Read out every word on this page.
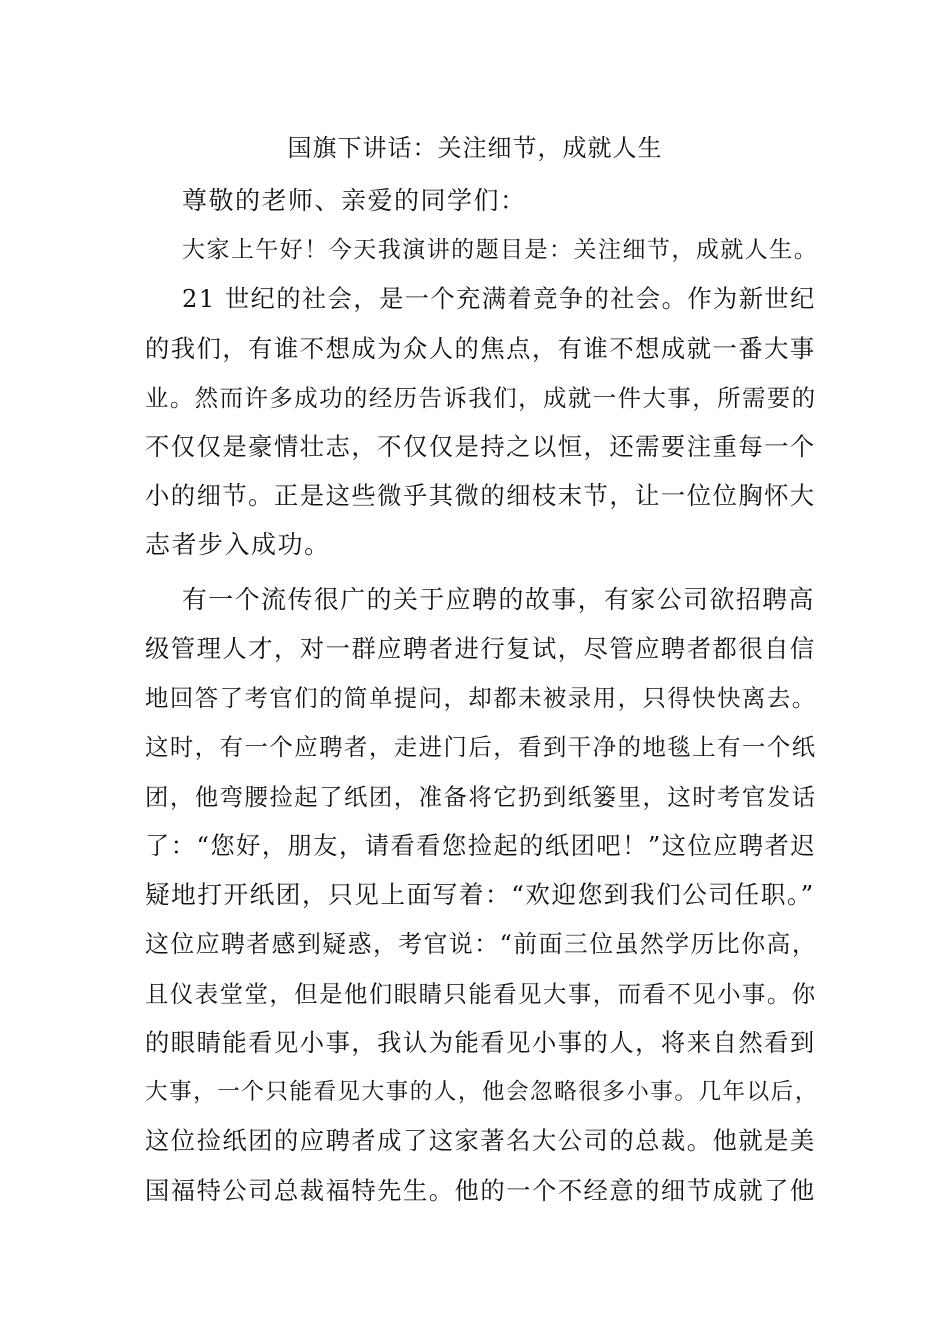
国旗下讲话：关注细节，成就人生
尊敬的老师、亲爱的同学们：
大家上午好！今天我演讲的题目是：关注细节，成就人生。
21 世纪的社会，是一个充满着竞争的社会。作为新世纪
的我们，有谁不想成为众人的焦点，有谁不想成就一番大事
业。然而许多成功的经历告诉我们，成就一件大事，所需要的
不仅仅是豪情壮志，不仅仅是持之以恒，还需要注重每一个
小的细节。正是这些微乎其微的细枝末节，让一位位胸怀大
志者步入成功。
有一个流传很广的关于应聘的故事，有家公司欲招聘高
级管理人才，对一群应聘者进行复试，尽管应聘者都很自信
地回答了考官们的简单提问，却都未被录用，只得快快离去。
这时，有一个应聘者，走进门后，看到干净的地毯上有一个纸
团，他弯腰捡起了纸团，准备将它扔到纸篓里，这时考官发话
了：“您好，朋友，请看看您捡起的纸团吧！”这位应聘者迟
疑地打开纸团，只见上面写着：“欢迎您到我们公司任职。”
这位应聘者感到疑惑，考官说：“前面三位虽然学历比你高，
且仪表堂堂，但是他们眼睛只能看见大事，而看不见小事。你
的眼睛能看见小事，我认为能看见小事的人，将来自然看到
大事，一个只能看见大事的人，他会忽略很多小事。几年以后，
这位捡纸团的应聘者成了这家著名大公司的总裁。他就是美
国福特公司总裁福特先生。他的一个不经意的细节成就了他
